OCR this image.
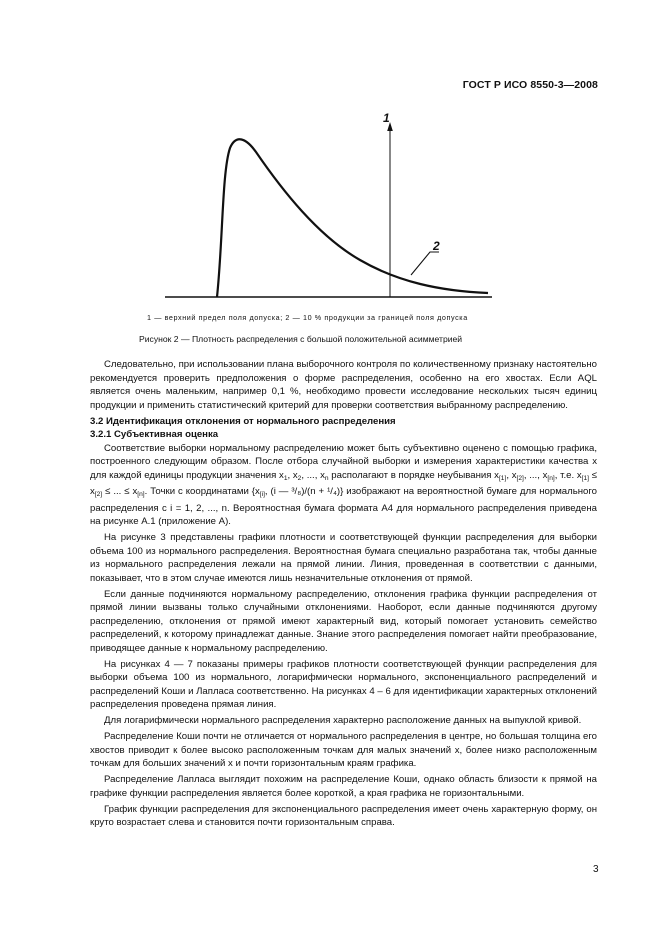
ГОСТ Р ИСО 8550-3—2008
1
2
1 — верхний предел поля допуска; 2 — 10 % продукции за границей поля допуска
Рисунок 2 — Плотность распределения с большой положительной асимметрией

Следовательно, при использовании плана выборочного контроля по количественному признаку настоятельно рекомендуется проверить предположения о форме распределения, особенно на его хвостах. Если AQL является очень маленьким, например 0,1 %, необходимо провести исследование нескольких тысяч единиц продукции и применить статистический критерий для проверки соответствия выбранному распределению.

3.2 Идентификация отклонения от нормального распределения
3.2.1 Субъективная оценка

Соответствие выборки нормальному распределению может быть субъективно оценено с помощью графика, построенного следующим образом. После отбора случайной выборки и измерения характеристики качества x для каждой единицы продукции значения $x_1$, $x_2$, ..., $x_n$ располагают в порядке неубывания $x_{[1]}$, $x_{[2]}$, ..., $x_{[n]}$, т.е. $x_{[1]} \le x_{[2]}$ ≤ ... ≤ $x_{[n]}$. Точки с координатами {$x_{[i]}$, (i — ³/₈)/(n + ¹/₄)} изображают на вероятностной бумаге для нормального распределения с i = 1, 2, ..., n. Вероятностная бумага формата А4 для нормального распределения приведена на рисунке А.1 (приложение А).

На рисунке 3 представлены графики плотности и соответствующей функции распределения для выборки объема 100 из нормального распределения. Вероятностная бумага специально разработана так, чтобы данные из нормального распределения лежали на прямой линии. Линия, проведенная в соответствии с данными, показывает, что в этом случае имеются лишь незначительные отклонения от прямой.

Если данные подчиняются нормальному распределению, отклонения графика функции распределения от прямой линии вызваны только случайными отклонениями. Наоборот, если данные подчиняются другому распределению, отклонения от прямой имеют характерный вид, который помогает установить семейство распределений, к которому принадлежат данные. Знание этого распределения помогает найти преобразование, приводящее данные к нормальному распределению.

На рисунках 4 — 7 показаны примеры графиков плотности соответствующей функции распределения для выборки объема 100 из нормального, логарифмически нормального, экспоненциального распределений и распределений Коши и Лапласа соответственно. На рисунках 4 – 6 для идентификации характерных отклонений распределения проведена прямая линия.

Для логарифмически нормального распределения характерно расположение данных на выпуклой кривой.

Распределение Коши почти не отличается от нормального распределения в центре, но большая толщина его хвостов приводит к более высоко расположенным точкам для малых значений x, более низко расположенным точкам для больших значений x и почти горизонтальным краям графика.

Распределение Лапласа выглядит похожим на распределение Коши, однако область близости к прямой на графике функции распределения является более короткой, а края графика не горизонтальными.

График функции распределения для экспоненциального распределения имеет очень характерную форму, он круто возрастает слева и становится почти горизонтальным справа.

3
